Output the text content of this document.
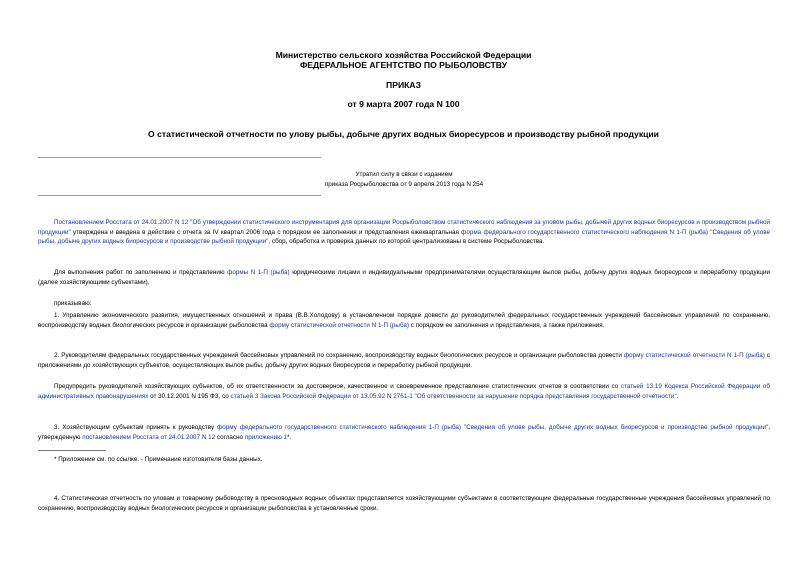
Министерство сельского хозяйства Российской Федерации
ФЕДЕРАЛЬНОЕ АГЕНТСТВО ПО РЫБОЛОВСТВУ
ПРИКАЗ
от 9 марта 2007 года N 100
О статистической отчетности по улову рыбы, добыче других водных биоресурсов и производству рыбной продукции
Утратил силу в связи с изданием
приказа Росрыболовства от 9 апреля 2013 года N 254
Постановлением Росстата от 24.01.2007 N 12 "Об утверждении статистического инструментария для организации Росрыболовством статистического наблюдения за уловом рыбы, добычей других водных биоресурсов и производством рыбной продукции" утверждена и введена в действие с отчета за IV квартал 2006 года с порядком ее заполнения и представления ежеквартальная форма федерального государственного статистического наблюдения N 1-П (рыба) "Сведения об улове рыбы, добыче других водных биоресурсов и производстве рыбной продукции", сбор, обработка и проверка данных по которой централизованы в системе Росрыболовства.
Для выполнения работ по заполнению и представлению формы N 1-П (рыба) юридическими лицами и индивидуальными предпринимателями осуществляющим вылов рыбы, добычу других водных биоресурсов и переработку продукции (далее хозяйствующими субъектами),
приказываю:
1. Управлению экономического развития, имущественных отношений и права (В.В.Холодову) в установленном порядке довести до руководителей федеральных государственных учреждений бассейновых управлений по сохранению, воспроизводству водных биологических ресурсов и организации рыболовства форму статистической отчетности N 1-П (рыба) с порядком ее заполнения и представления, а также приложения.
2. Руководителям федеральных государственных учреждений бассейновых управлений по сохранению, воспроизводству водных биологических ресурсов и организации рыболовства довести форму статистической отчетности N 1-П (рыба) с приложениями до хозяйствующих субъектов, осуществляющих вылов рыбы, добычу других водных биоресурсов и переработку рыбной продукции.
Предупредить руководителей хозяйствующих субъектов, об их ответственности за достоверное, качественное и своевременное представление статистических отчетов в соответствии со статьей 13.19 Кодекса Российской Федерации об административных правонарушениях от 30.12.2001 N 195 ФЗ, со статьей 3 Закона Российской Федерации от 13.05.92 N 2761-1 "Об ответственности за нарушение порядка представления государственной отчетности".
3. Хозяйствующим субъектам принять к руководству форму федерального государственного статистического наблюдения 1-П (рыба) "Сведения об улове рыбы, добыче других водных биоресурсов и производстве рыбной продукции", утвержденную постановлением Росстата от 24.01.2007 N 12 согласно приложению 1*.
* Приложение см. по ссылке. - Примечание изготовителя базы данных.
4. Статистическая отчетность по уловам и товарному рыбоводству в пресноводных водных объектах представляется хозяйствующими субъектами в соответствующие федеральные государственные учреждения бассейновых управлений по сохранению, воспроизводству водных биологических ресурсов и организации рыболовства в установленные сроки.
